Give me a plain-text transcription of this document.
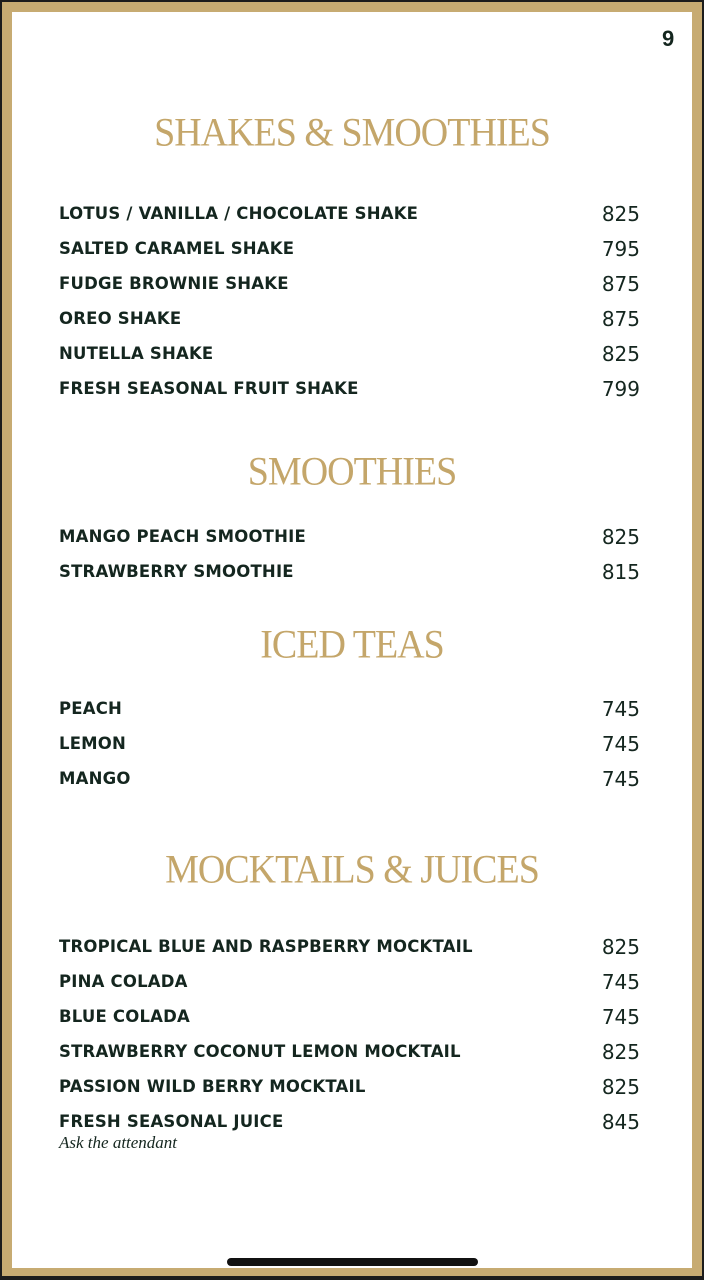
9
SHAKES & SMOOTHIES
LOTUS / VANILLA / CHOCOLATE SHAKE	825
SALTED CARAMEL SHAKE	795
FUDGE BROWNIE SHAKE	875
OREO SHAKE	875
NUTELLA SHAKE	825
FRESH SEASONAL FRUIT SHAKE	799
SMOOTHIES
MANGO PEACH SMOOTHIE	825
STRAWBERRY SMOOTHIE	815
ICED TEAS
PEACH	745
LEMON	745
MANGO	745
MOCKTAILS & JUICES
TROPICAL BLUE AND RASPBERRY MOCKTAIL	825
PINA COLADA	745
BLUE COLADA	745
STRAWBERRY COCONUT LEMON MOCKTAIL	825
PASSION WILD BERRY MOCKTAIL	825
FRESH SEASONAL JUICE	845
Ask the attendant
